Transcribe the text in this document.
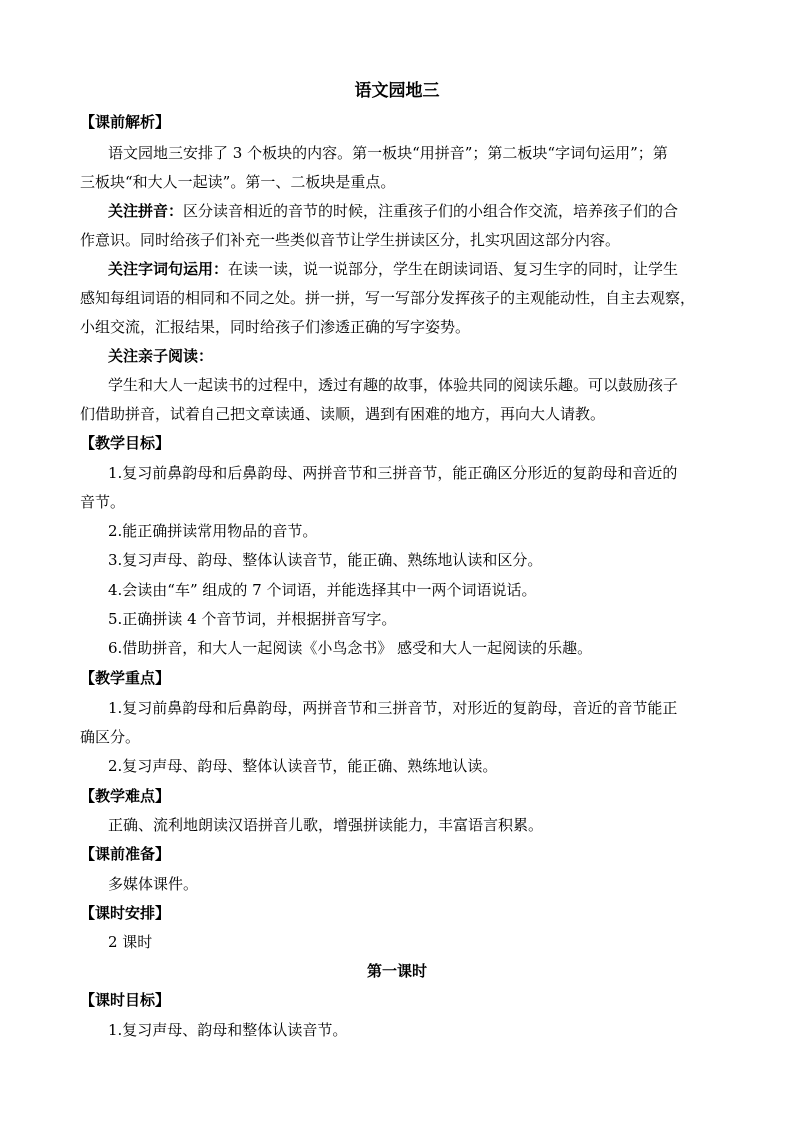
语文园地三
【课前解析】
语文园地三安排了 3 个板块的内容。第一板块“用拼音”；第二板块“字词句运用”；第
三板块“和大人一起读”。第一、二板块是重点。
关注拼音：区分读音相近的音节的时候，注重孩子们的小组合作交流，培养孩子们的合
作意识。同时给孩子们补充一些类似音节让学生拼读区分，扎实巩固这部分内容。
关注字词句运用：在读一读，说一说部分，学生在朗读词语、复习生字的同时，让学生
感知每组词语的相同和不同之处。拼一拼，写一写部分发挥孩子的主观能动性，自主去观察，
小组交流，汇报结果，同时给孩子们渗透正确的写字姿势。
关注亲子阅读：
学生和大人一起读书的过程中，透过有趣的故事，体验共同的阅读乐趣。可以鼓励孩子
们借助拼音，试着自己把文章读通、读顺，遇到有困难的地方，再向大人请教。
【教学目标】
1.复习前鼻韵母和后鼻韵母、两拼音节和三拼音节，能正确区分形近的复韵母和音近的
音节。
2.能正确拼读常用物品的音节。
3.复习声母、韵母、整体认读音节，能正确、熟练地认读和区分。
4.会读由“车” 组成的 7 个词语，并能选择其中一两个词语说话。
5.正确拼读 4 个音节词，并根据拼音写字。
6.借助拼音，和大人一起阅读《小鸟念书》 感受和大人一起阅读的乐趣。
【教学重点】
1.复习前鼻韵母和后鼻韵母，两拼音节和三拼音节，对形近的复韵母，音近的音节能正
确区分。
2.复习声母、韵母、整体认读音节，能正确、熟练地认读。
【教学难点】
正确、流利地朗读汉语拼音儿歌，增强拼读能力，丰富语言积累。
【课前准备】
多媒体课件。
【课时安排】
2 课时
第一课时
【课时目标】
1.复习声母、韵母和整体认读音节。
